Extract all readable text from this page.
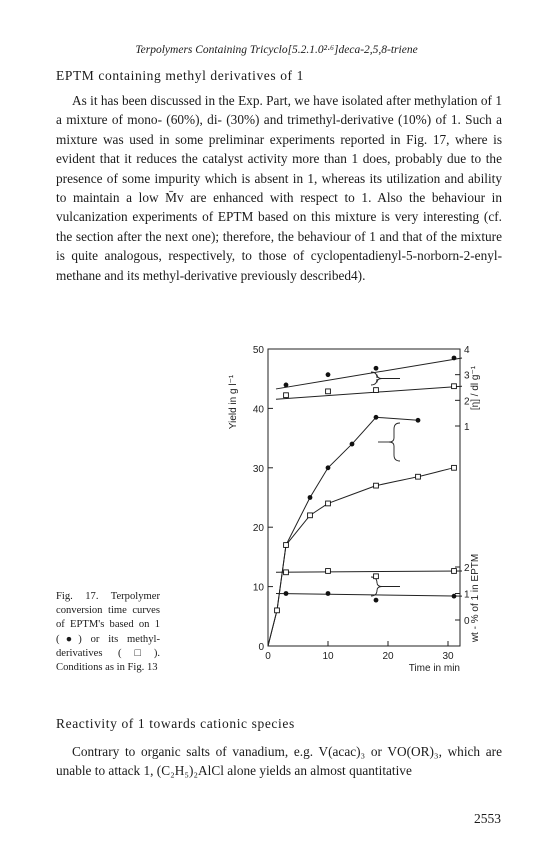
Terpolymers Containing Tricyclo[5.2.1.0²·⁶]deca-2,5,8-triene
EPTM containing methyl derivatives of 1

As it has been discussed in the Exp. Part, we have isolated after methylation of 1 a mixture of mono- (60%), di- (30%) and trimethyl-derivative (10%) of 1. Such a mixture was used in some preliminar experiments reported in Fig. 17, where is evident that it reduces the catalyst activity more than 1 does, probably due to the presence of some impurity which is absent in 1, whereas its utilization and ability to maintain a low M̄v are enhanced with respect to 1. Also the behaviour in vulcanization experiments of EPTM based on this mixture is very interesting (cf. the section after the next one); therefore, the behaviour of 1 and that of the mixture is quite analogous, respectively, to those of cyclopentadienyl-5-norborn-2-enyl-methane and its methyl-derivative previously described4).

0
10
20
30
40
50
0	10	20	30
1
2
3
4
0
1
2
Yield in g l⁻¹	[η] / dl g⁻¹
wt - % of 1 in EPTM
Time in min
Fig. 17. Terpolymer conversion time curves of EPTM's based on 1 (●) or its methyl-derivatives (□). Conditions as in Fig. 13
Reactivity of 1 towards cationic species

Contrary to organic salts of vanadium, e.g. V(acac)₃ or VO(OR)₃, which are unable to attack 1, (C₂H₅)₂AlCl alone yields an almost quantitative

2553
